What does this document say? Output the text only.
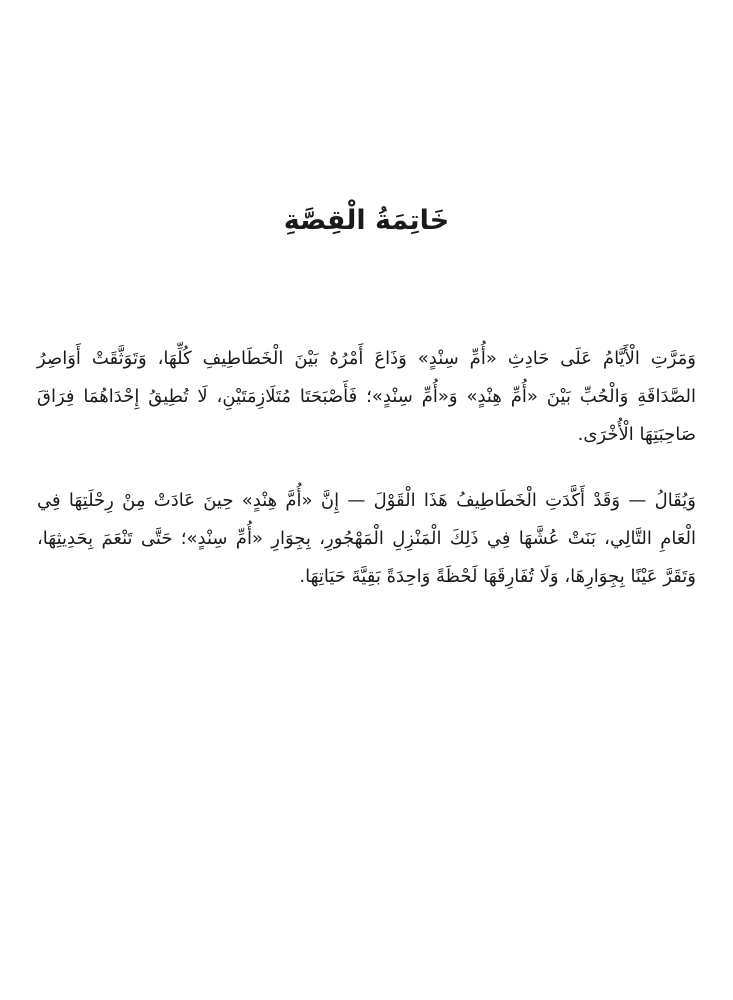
خَاتِمَةُ الْقِصَّةِ

وَمَرَّتِ الْأَيَّامُ عَلَى حَادِثِ «أُمِّ سِنْدٍ» وَذَاعَ أَمْرُهُ بَيْنَ الْخَطَاطِيفِ كُلِّهَا، وَتَوَثَّقَتْ أَوَاصِرُ الصَّدَاقَةِ وَالْحُبِّ بَيْنَ «أُمِّ هِنْدٍ» وَ«أُمِّ سِنْدٍ»؛ فَأَصْبَحَتَا مُتَلَازِمَتَيْنِ، لَا تُطِيقُ إِحْدَاهُمَا فِرَاقَ صَاحِبَتِهَا الْأُخْرَى.

وَيُقَالُ — وَقَدْ أَكَّدَتِ الْخَطَاطِيفُ هَذَا الْقَوْلَ — إِنَّ «أُمَّ هِنْدٍ» حِينَ عَادَتْ مِنْ رِحْلَتِهَا فِي الْعَامِ التَّالِي، بَنَتْ عُشَّهَا فِي ذَلِكَ الْمَنْزِلِ الْمَهْجُورِ، بِجِوَارِ «أُمِّ سِنْدٍ»؛ حَتَّى تَنْعَمَ بِحَدِيثِهَا، وَتَقَرَّ عَيْنًا بِجِوَارِهَا، وَلَا تُفَارِقَهَا لَحْظَةً وَاحِدَةً بَقِيَّةَ حَيَاتِهَا.
